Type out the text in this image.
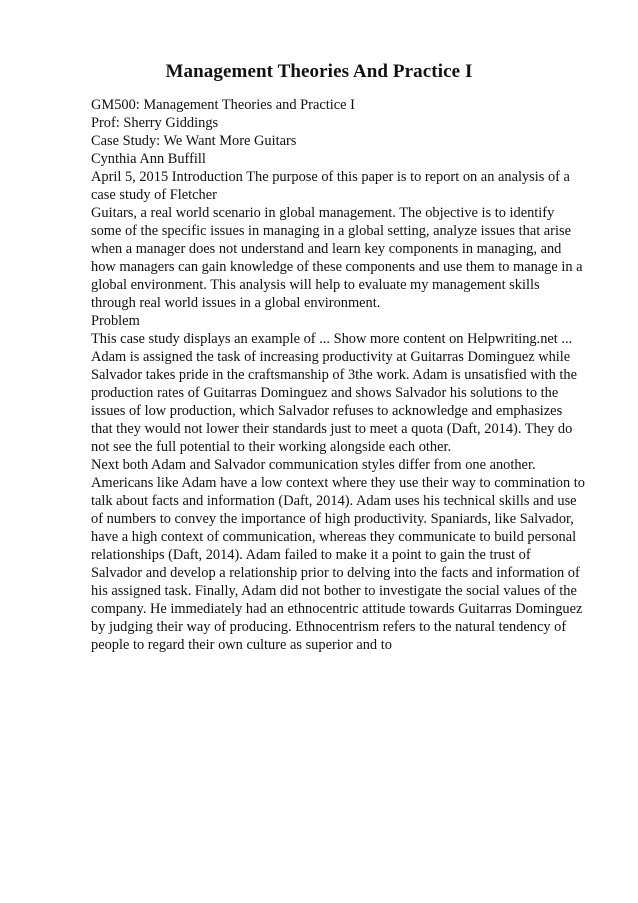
Management Theories And Practice I
GM500: Management Theories and Practice I
Prof: Sherry Giddings
Case Study: We Want More Guitars
Cynthia Ann Buffill
April 5, 2015 Introduction The purpose of this paper is to report on an analysis of a
case study of Fletcher
Guitars, a real world scenario in global management. The objective is to identify
some of the specific issues in managing in a global setting, analyze issues that arise
when a manager does not understand and learn key components in managing, and
how managers can gain knowledge of these components and use them to manage in a
global environment. This analysis will help to evaluate my management skills
through real world issues in a global environment.
Problem
This case study displays an example of ... Show more content on Helpwriting.net ...
Adam is assigned the task of increasing productivity at Guitarras Dominguez while
Salvador takes pride in the craftsmanship of 3the work. Adam is unsatisfied with the
production rates of Guitarras Dominguez and shows Salvador his solutions to the
issues of low production, which Salvador refuses to acknowledge and emphasizes
that they would not lower their standards just to meet a quota (Daft, 2014). They do
not see the full potential to their working alongside each other.
Next both Adam and Salvador communication styles differ from one another.
Americans like Adam have a low context where they use their way to commination to
talk about facts and information (Daft, 2014). Adam uses his technical skills and use
of numbers to convey the importance of high productivity. Spaniards, like Salvador,
have a high context of communication, whereas they communicate to build personal
relationships (Daft, 2014). Adam failed to make it a point to gain the trust of
Salvador and develop a relationship prior to delving into the facts and information of
his assigned task. Finally, Adam did not bother to investigate the social values of the
company. He immediately had an ethnocentric attitude towards Guitarras Dominguez
by judging their way of producing. Ethnocentrism refers to the natural tendency of
people to regard their own culture as superior and to
